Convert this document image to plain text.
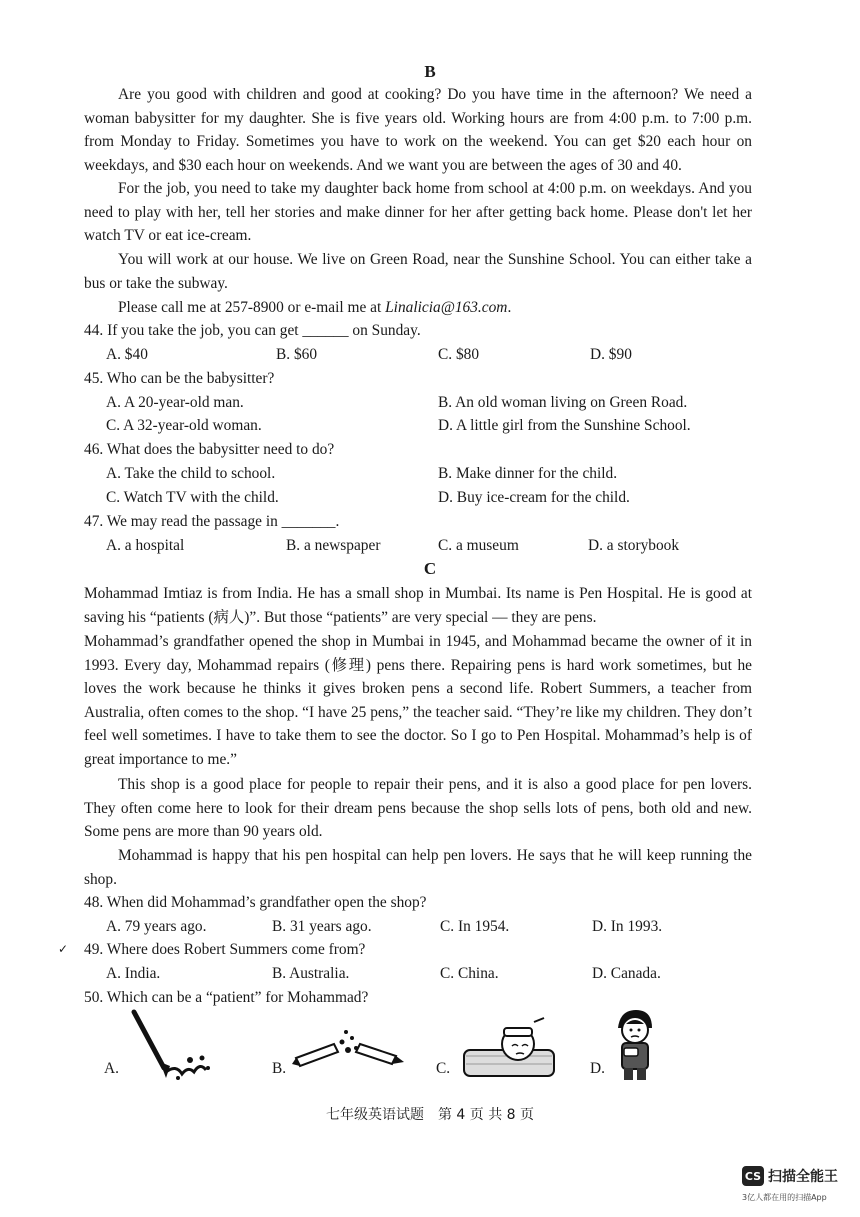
B
Are you good with children and good at cooking? Do you have time in the afternoon? We need a woman babysitter for my daughter. She is five years old. Working hours are from 4:00 p.m. to 7:00 p.m. from Monday to Friday. Sometimes you have to work on the weekend. You can get $20 each hour on weekdays, and $30 each hour on weekends. And we want you are between the ages of 30 and 40.
For the job, you need to take my daughter back home from school at 4:00 p.m. on weekdays. And you need to play with her, tell her stories and make dinner for her after getting back home. Please don't let her watch TV or eat ice-cream.
You will work at our house. We live on Green Road, near the Sunshine School. You can either take a bus or take the subway.
Please call me at 257-8900 or e-mail me at Linalicia@163.com.
44. If you take the job, you can get ______ on Sunday.
A. $40	B. $60	C. $80	D. $90
45. Who can be the babysitter?
A. A 20-year-old man.	B. An old woman living on Green Road.
C. A 32-year-old woman.	D. A little girl from the Sunshine School.
46. What does the babysitter need to do?
A. Take the child to school.	B. Make dinner for the child.
C. Watch TV with the child.	D. Buy ice-cream for the child.
47. We may read the passage in _______.
A. a hospital	B. a newspaper	C. a museum	D. a storybook
C
Mohammad Imtiaz is from India. He has a small shop in Mumbai. Its name is Pen Hospital. He is good at saving his “patients (病人)”. But those “patients” are very special — they are pens.
Mohammad’s grandfather opened the shop in Mumbai in 1945, and Mohammad became the owner of it in 1993. Every day, Mohammad repairs (修理) pens there. Repairing pens is hard work sometimes, but he loves the work because he thinks it gives broken pens a second life. Robert Summers, a teacher from Australia, often comes to the shop. “I have 25 pens,” the teacher said. “They’re like my children. They don’t feel well sometimes. I have to take them to see the doctor. So I go to Pen Hospital. Mohammad’s help is of great importance to me.”
This shop is a good place for people to repair their pens, and it is also a good place for pen lovers. They often come here to look for their dream pens because the shop sells lots of pens, both old and new. Some pens are more than 90 years old.
Mohammad is happy that his pen hospital can help pen lovers. He says that he will keep running the shop.
48. When did Mohammad’s grandfather open the shop?
A. 79 years ago.	B. 31 years ago.	C. In 1954.	D. In 1993.
✓ 49. Where does Robert Summers come from?
A. India.	B. Australia.	C. China.	D. Canada.
50. Which can be a “patient” for Mohammad?
A.	B.	C.	D.
七年级英语试题　第 4 页 共 8 页
CS 扫描全能王
3亿人都在用的扫描App
